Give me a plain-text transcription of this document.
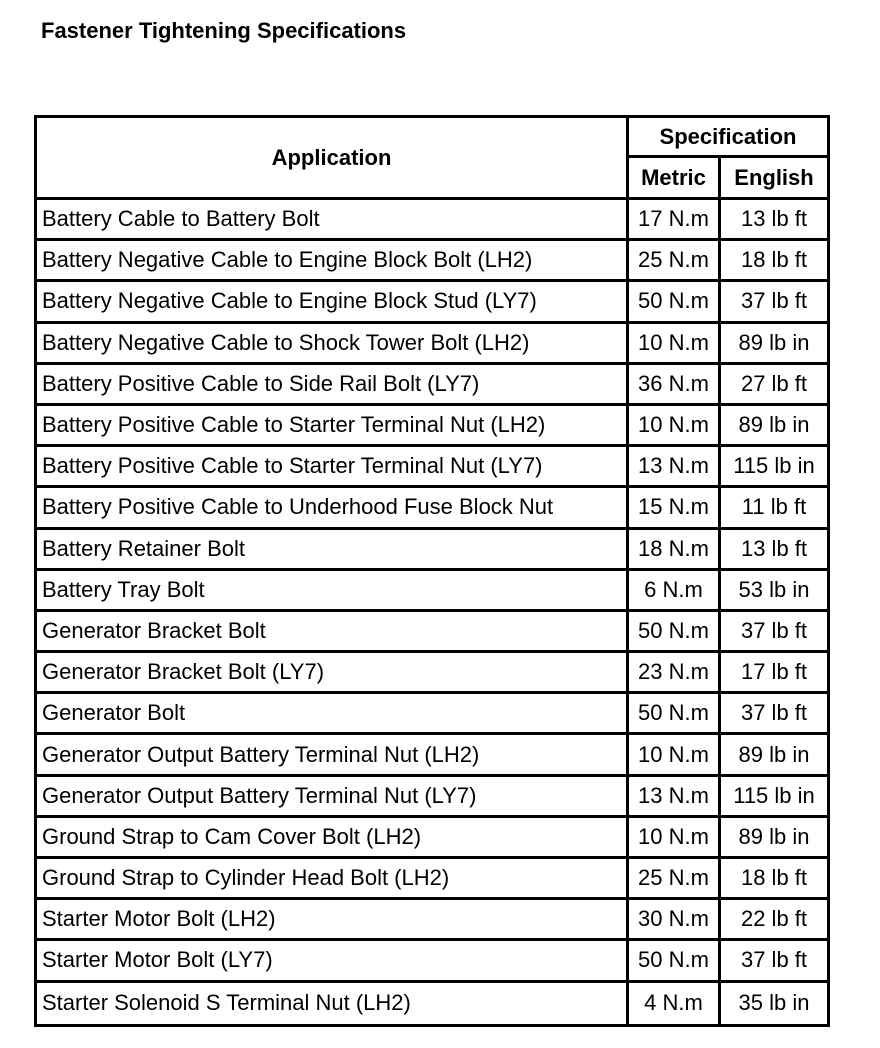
Fastener Tightening Specifications
Application
Specification
Metric	English
Battery Cable to Battery Bolt	17 N.m	13 lb ft
Battery Negative Cable to Engine Block Bolt (LH2)	25 N.m	18 lb ft
Battery Negative Cable to Engine Block Stud (LY7)	50 N.m	37 lb ft
Battery Negative Cable to Shock Tower Bolt (LH2)	10 N.m	89 lb in
Battery Positive Cable to Side Rail Bolt (LY7)	36 N.m	27 lb ft
Battery Positive Cable to Starter Terminal Nut (LH2)	10 N.m	89 lb in
Battery Positive Cable to Starter Terminal Nut (LY7)	13 N.m	115 lb in
Battery Positive Cable to Underhood Fuse Block Nut	15 N.m	11 lb ft
Battery Retainer Bolt	18 N.m	13 lb ft
Battery Tray Bolt	6 N.m	53 lb in
Generator Bracket Bolt	50 N.m	37 lb ft
Generator Bracket Bolt (LY7)	23 N.m	17 lb ft
Generator Bolt	50 N.m	37 lb ft
Generator Output Battery Terminal Nut (LH2)	10 N.m	89 lb in
Generator Output Battery Terminal Nut (LY7)	13 N.m	115 lb in
Ground Strap to Cam Cover Bolt (LH2)	10 N.m	89 lb in
Ground Strap to Cylinder Head Bolt (LH2)	25 N.m	18 lb ft
Starter Motor Bolt (LH2)	30 N.m	22 lb ft
Starter Motor Bolt (LY7)	50 N.m	37 lb ft
Starter Solenoid S Terminal Nut (LH2)	4 N.m	35 lb in
